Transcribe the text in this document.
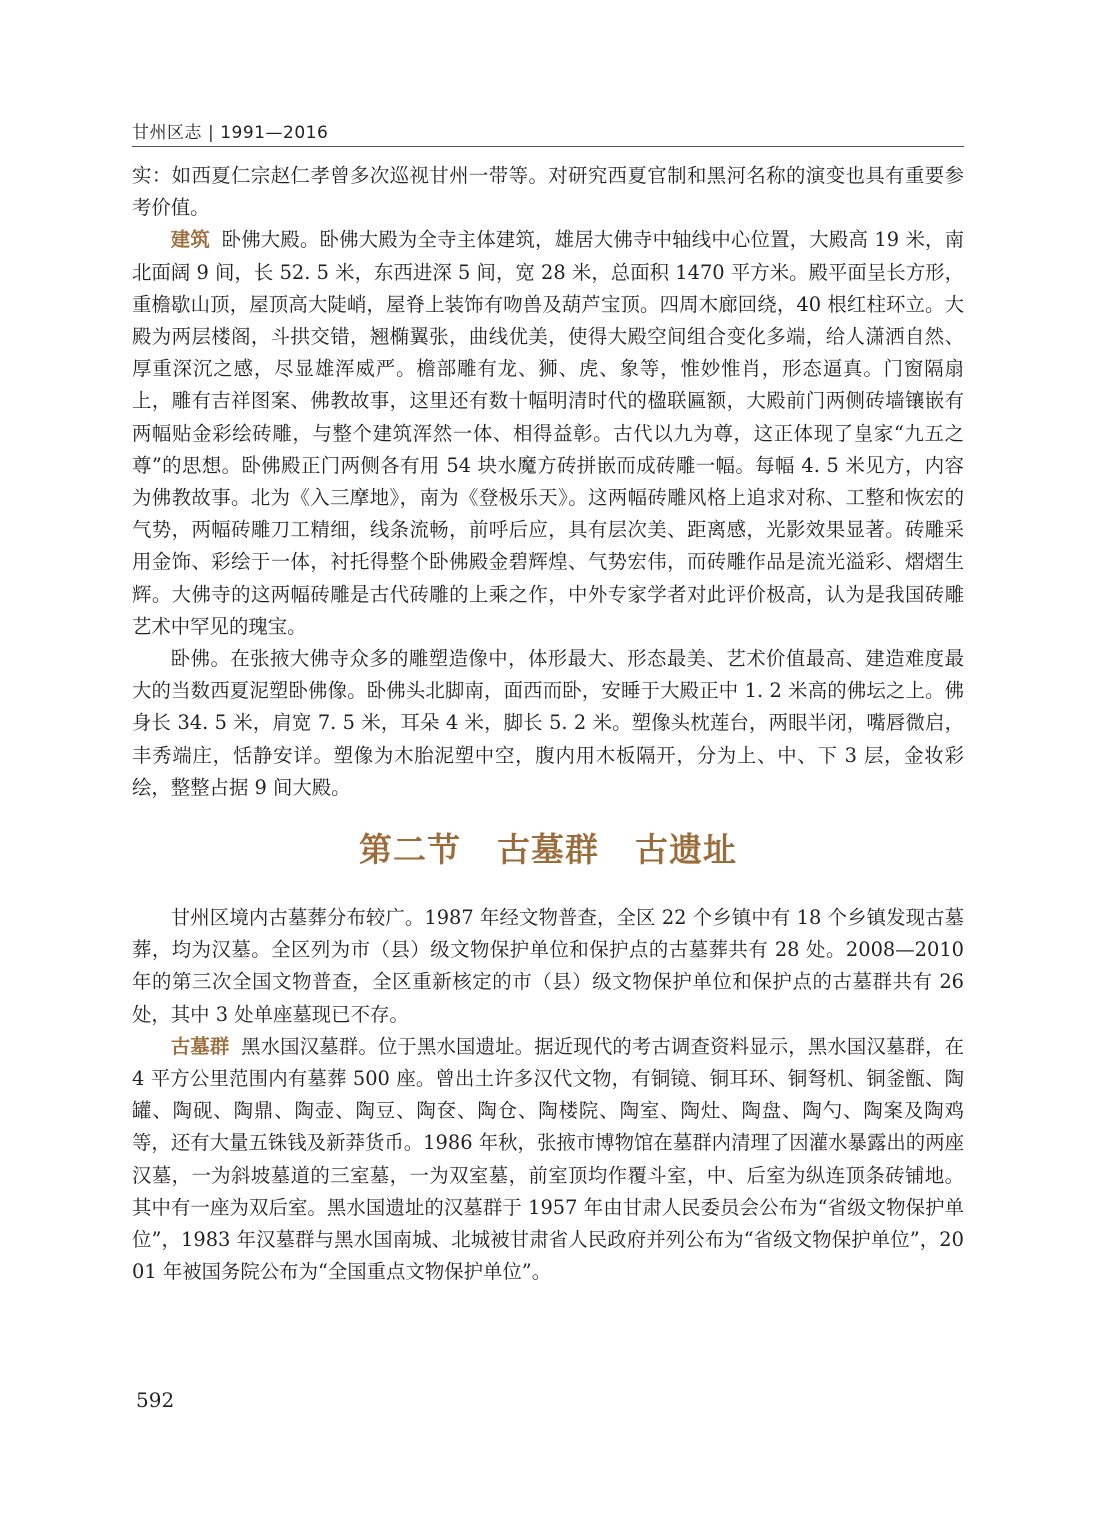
甘州区志 | 1991—2016

实：如西夏仁宗赵仁孝曾多次巡视甘州一带等。对研究西夏官制和黑河名称的演变也具有重要参考价值。

建筑 卧佛大殿。卧佛大殿为全寺主体建筑，雄居大佛寺中轴线中心位置，大殿高 19 米，南北面阔 9 间，长 52. 5 米，东西进深 5 间，宽 28 米，总面积 1470 平方米。殿平面呈长方形，重檐歇山顶，屋顶高大陡峭，屋脊上装饰有吻兽及葫芦宝顶。四周木廊回绕，40 根红柱环立。大殿为两层楼阁，斗拱交错，翘椭翼张，曲线优美，使得大殿空间组合变化多端，给人潇洒自然、厚重深沉之感，尽显雄浑威严。檐部雕有龙、狮、虎、象等，惟妙惟肖，形态逼真。门窗隔扇上，雕有吉祥图案、佛教故事，这里还有数十幅明清时代的楹联匾额，大殿前门两侧砖墙镶嵌有两幅贴金彩绘砖雕，与整个建筑浑然一体、相得益彰。古代以九为尊，这正体现了皇家“九五之尊”的思想。卧佛殿正门两侧各有用 54 块水魔方砖拼嵌而成砖雕一幅。每幅 4. 5 米见方，内容为佛教故事。北为《入三摩地》，南为《登极乐天》。这两幅砖雕风格上追求对称、工整和恢宏的气势，两幅砖雕刀工精细，线条流畅，前呼后应，具有层次美、距离感，光影效果显著。砖雕采用金饰、彩绘于一体，衬托得整个卧佛殿金碧辉煌、气势宏伟，而砖雕作品是流光溢彩、熠熠生辉。大佛寺的这两幅砖雕是古代砖雕的上乘之作，中外专家学者对此评价极高，认为是我国砖雕艺术中罕见的瑰宝。

卧佛。在张掖大佛寺众多的雕塑造像中，体形最大、形态最美、艺术价值最高、建造难度最大的当数西夏泥塑卧佛像。卧佛头北脚南，面西而卧，安睡于大殿正中 1. 2 米高的佛坛之上。佛身长 34. 5 米，肩宽 7. 5 米，耳朵 4 米，脚长 5. 2 米。塑像头枕莲台，两眼半闭，嘴唇微启，丰秀端庄，恬静安详。塑像为木胎泥塑中空，腹内用木板隔开，分为上、中、下 3 层，金妆彩绘，整整占据 9 间大殿。

第二节 古墓群 古遗址

甘州区境内古墓葬分布较广。1987 年经文物普查，全区 22 个乡镇中有 18 个乡镇发现古墓葬，均为汉墓。全区列为市（县）级文物保护单位和保护点的古墓葬共有 28 处。2008—2010 年的第三次全国文物普查，全区重新核定的市（县）级文物保护单位和保护点的古墓群共有 26 处，其中 3 处单座墓现已不存。

古墓群 黑水国汉墓群。位于黑水国遗址。据近现代的考古调查资料显示，黑水国汉墓群，在 4 平方公里范围内有墓葬 500 座。曾出土许多汉代文物，有铜镜、铜耳环、铜弩机、铜釜甑、陶罐、陶砚、陶鼎、陶壶、陶豆、陶奁、陶仓、陶楼院、陶室、陶灶、陶盘、陶勺、陶案及陶鸡等，还有大量五铢钱及新莽货币。1986 年秋，张掖市博物馆在墓群内清理了因灌水暴露出的两座汉墓，一为斜坡墓道的三室墓，一为双室墓，前室顶均作覆斗室，中、后室为纵连顶条砖铺地。其中有一座为双后室。黑水国遗址的汉墓群于 1957 年由甘肃人民委员会公布为“省级文物保护单位”，1983 年汉墓群与黑水国南城、北城被甘肃省人民政府并列公布为“省级文物保护单位”，2001 年被国务院公布为“全国重点文物保护单位”。

592
